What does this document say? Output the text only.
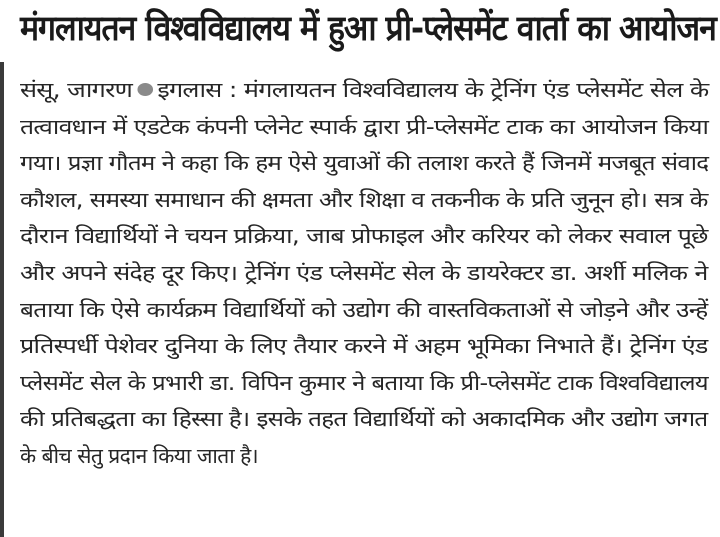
मंगलायतन विश्वविद्यालय में हुआ प्री-प्लेसमेंट वार्ता का आयोजन
संसू, जागरण इगलास : मंगलायतन विश्वविद्यालय के ट्रेनिंग एंड प्लेसमेंट सेल के
तत्वावधान में एडटेक कंपनी प्लेनेट स्पार्क द्वारा प्री-प्लेसमेंट टाक का आयोजन किया
गया। प्रज्ञा गौतम ने कहा कि हम ऐसे युवाओं की तलाश करते हैं जिनमें मजबूत संवाद
कौशल, समस्या समाधान की क्षमता और शिक्षा व तकनीक के प्रति जुनून हो। सत्र के
दौरान विद्यार्थियों ने चयन प्रक्रिया, जाब प्रोफाइल और करियर को लेकर सवाल पूछे
और अपने संदेह दूर किए। ट्रेनिंग एंड प्लेसमेंट सेल के डायरेक्टर डा. अर्शी मलिक ने
बताया कि ऐसे कार्यक्रम विद्यार्थियों को उद्योग की वास्तविकताओं से जोड़ने और उन्हें
प्रतिस्पर्धी पेशेवर दुनिया के लिए तैयार करने में अहम भूमिका निभाते हैं। ट्रेनिंग एंड
प्लेसमेंट सेल के प्रभारी डा. विपिन कुमार ने बताया कि प्री-प्लेसमेंट टाक विश्वविद्यालय
की प्रतिबद्धता का हिस्सा है। इसके तहत विद्यार्थियों को अकादमिक और उद्योग जगत
के बीच सेतु प्रदान किया जाता है।
